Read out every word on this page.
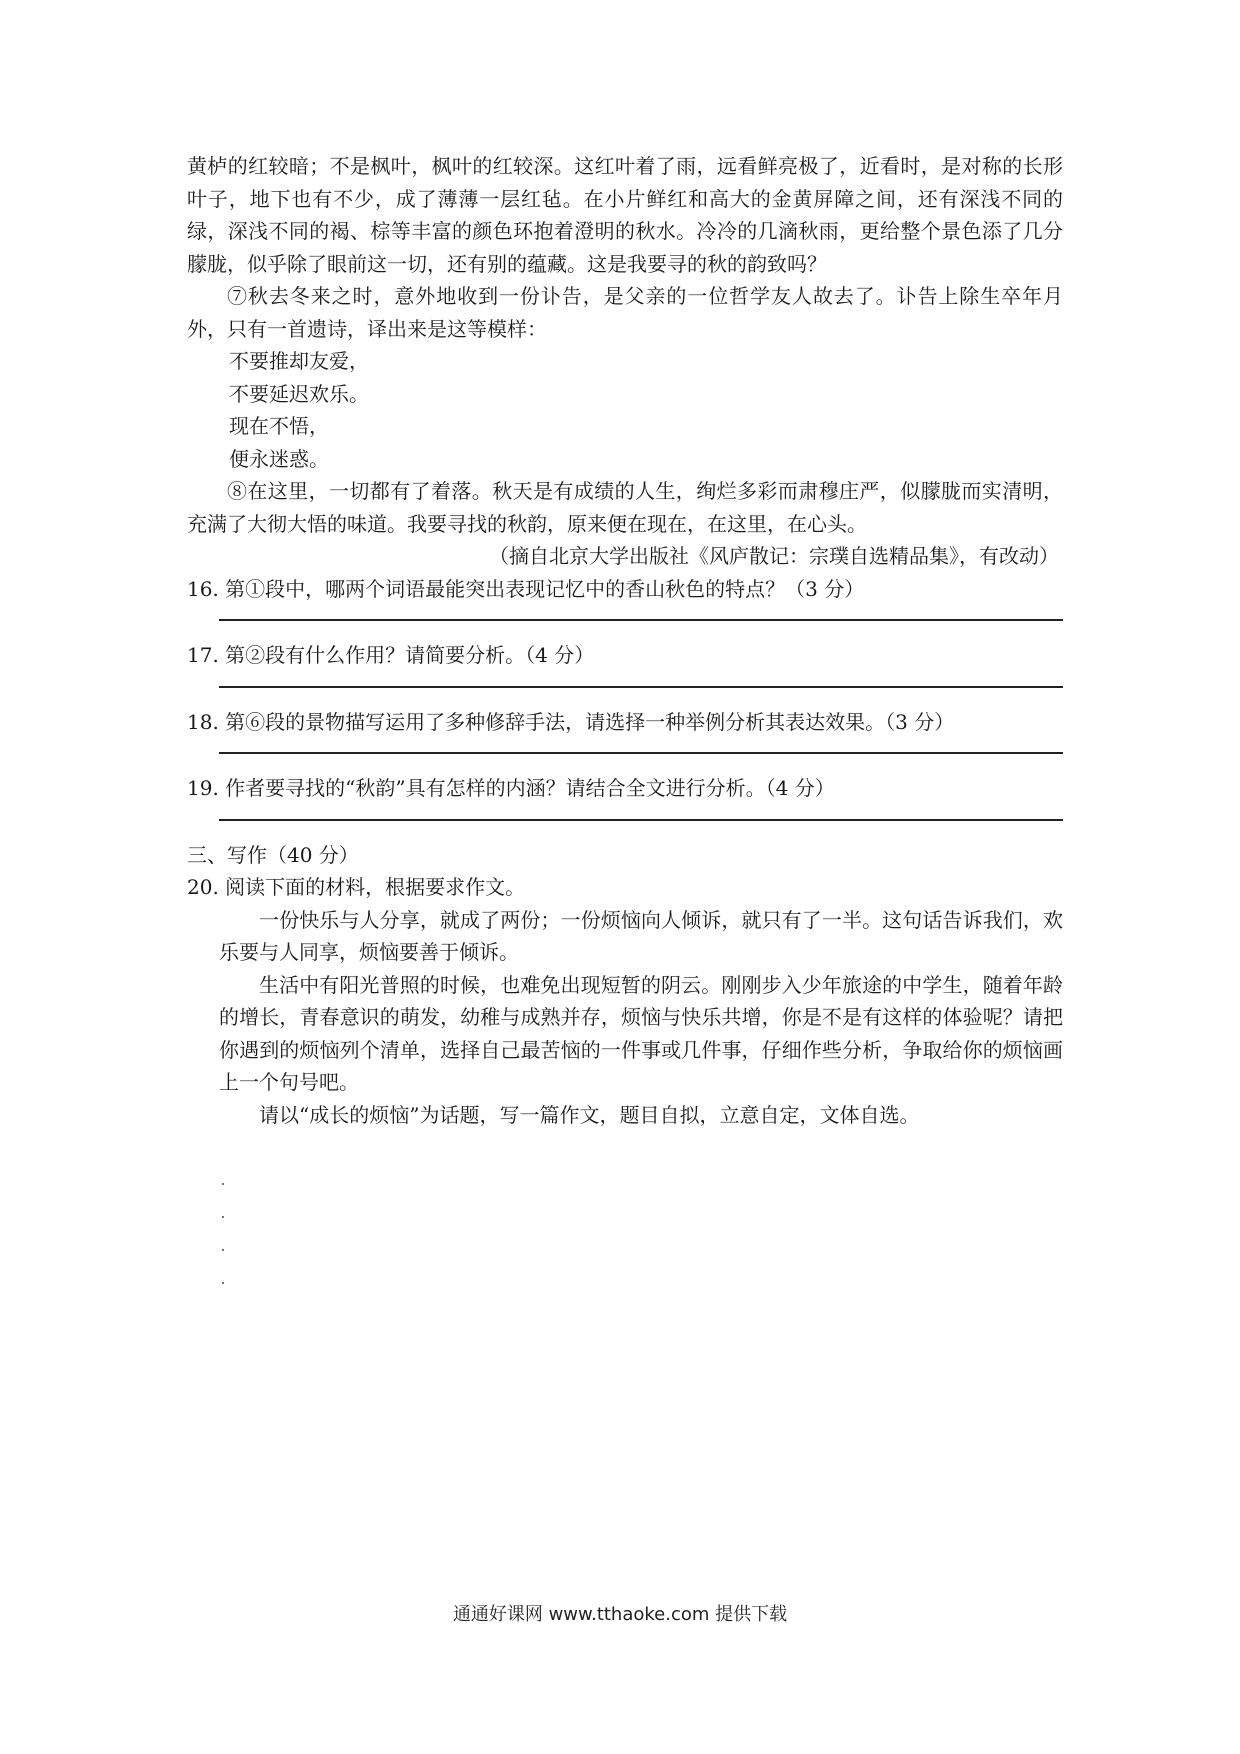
黄栌的红较暗；不是枫叶，枫叶的红较深。这红叶着了雨，远看鲜亮极了，近看时，是对称的长形叶子，地下也有不少，成了薄薄一层红毡。在小片鲜红和高大的金黄屏障之间，还有深浅不同的绿，深浅不同的褐、棕等丰富的颜色环抱着澄明的秋水。冷冷的几滴秋雨，更给整个景色添了几分朦胧，似乎除了眼前这一切，还有别的蕴藏。这是我要寻的秋的韵致吗？
⑦秋去冬来之时，意外地收到一份讣告，是父亲的一位哲学友人故去了。讣告上除生卒年月外，只有一首遗诗，译出来是这等模样：
不要推却友爱，
不要延迟欢乐。
现在不悟，
便永迷惑。
⑧在这里，一切都有了着落。秋天是有成绩的人生，绚烂多彩而肃穆庄严，似朦胧而实清明，充满了大彻大悟的味道。我要寻找的秋韵，原来便在现在，在这里，在心头。
（摘自北京大学出版社《风庐散记：宗璞自选精品集》，有改动）
16. 第①段中，哪两个词语最能突出表现记忆中的香山秋色的特点？（3 分）
17. 第②段有什么作用？请简要分析。（4 分）
18. 第⑥段的景物描写运用了多种修辞手法，请选择一种举例分析其表达效果。（3 分）
19. 作者要寻找的“秋韵”具有怎样的内涵？请结合全文进行分析。（4 分）
三、写作（40 分）
20. 阅读下面的材料，根据要求作文。
一份快乐与人分享，就成了两份；一份烦恼向人倾诉，就只有了一半。这句话告诉我们，欢乐要与人同享，烦恼要善于倾诉。
生活中有阳光普照的时候，也难免出现短暂的阴云。刚刚步入少年旅途的中学生，随着年龄的增长，青春意识的萌发，幼稚与成熟并存，烦恼与快乐共增，你是不是有这样的体验呢？请把你遇到的烦恼列个清单，选择自己最苦恼的一件事或几件事，仔细作些分析，争取给你的烦恼画上一个句号吧。
请以“成长的烦恼”为话题，写一篇作文，题目自拟，立意自定，文体自选。
通通好课网 www.tthaoke.com 提供下载
